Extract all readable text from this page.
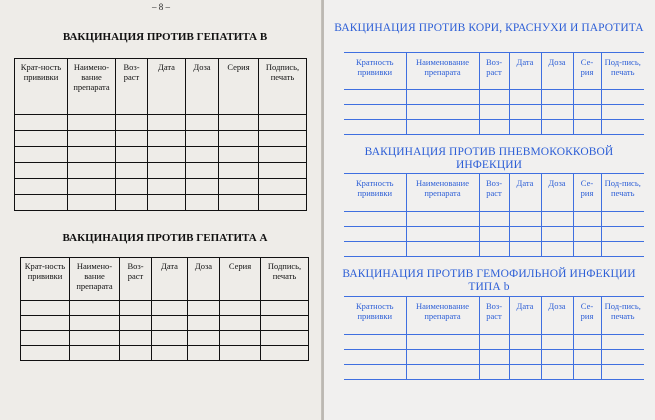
– 8 –
ВАКЦИНАЦИЯ ПРОТИВ ГЕПАТИТА В
Крат-ность прививки	Наимено-вание препарата	Воз-раст	Дата	Доза	Серия	Подпись, печать

ВАКЦИНАЦИЯ ПРОТИВ ГЕПАТИТА А
Крат-ность прививки	Наимено-вание препарата	Воз-раст	Дата	Доза	Серия	Подпись, печать

ВАКЦИНАЦИЯ ПРОТИВ КОРИ, КРАСНУХИ И ПАРОТИТА
Кратность прививки	Наименование препарата	Воз-раст	Дата	Доза	Се-рия	Под-пись, печать

ВАКЦИНАЦИЯ ПРОТИВ ПНЕВМОКОККОВОЙ ИНФЕКЦИИ
Кратность прививки	Наименование препарата	Воз-раст	Дата	Доза	Се-рия	Под-пись, печать

ВАКЦИНАЦИЯ ПРОТИВ ГЕМОФИЛЬНОЙ ИНФЕКЦИИ ТИПА b
Кратность прививки	Наименование препарата	Воз-раст	Дата	Доза	Се-рия	Под-пись, печать
